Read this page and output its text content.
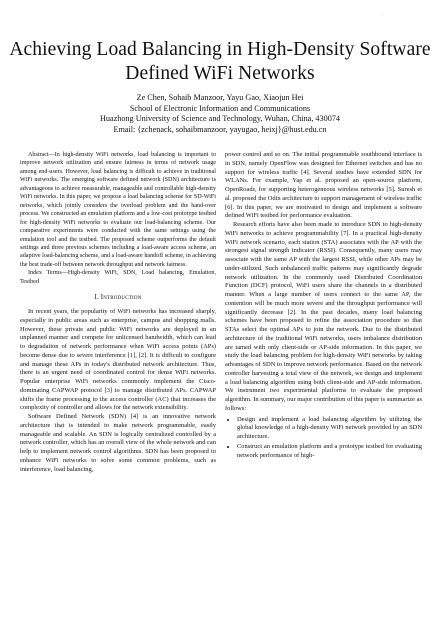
Achieving Load Balancing in High-Density Software
Defined WiFi Networks
Ze Chen, Sohaib Manzoor, Yayu Gao, Xiaojun Hei
School of Electronic Information and Communications
Huazhong University of Science and Technology, Wuhan, China, 430074
Email: {zchenack, sohaibmanzoor, yayugao, heixj}@hust.edu.cn

Abstract—In high-density WiFi networks, load balancing is important to improve network utilization and ensure fairness in terms of network usage among end-users. However, load balancing is difficult to achieve in traditional WiFi networks. The emerging software defined network (SDN) architecture is advantageous to achieve measurable, manageable and controllable high-density WiFi networks. In this paper, we propose a load balancing scheme for SD-WiFi networks, which jointly considers the overload problem and the hand-over process. We constructed an emulation platform and a low-cost prototype testbed for high-density WiFi networks to evaluate our load-balancing scheme. Our comparative experiments were conducted with the same settings using the emulation tool and the testbed. The proposed scheme outperforms the default settings and three previous schemes including a load-aware access scheme, an adaptive load-balancing scheme, and a load-aware handoff scheme, in achieving the best trade-off between network throughput and network fairness.

Index Terms—High-density WiFi, SDN, Load balancing, Emulation, Testbed

I. Introduction

In recent years, the popularity of WiFi networks has increased sharply, especially in public areas such as enterprise, campus and shopping malls. However, these private and public WiFi networks are deployed in an unplanned manner and compete for unlicensed bandwidth, which can lead to degradation of network performance when WiFi access points (APs) become dense due to severe interference [1], [2]. It is difficult to configure and manage these APs in today's distributed network architecture. Thus, there is an urgent need of coordinated control for dense WiFi networks. Popular enterprise WiFi networks commonly implement the Cisco-dominating CAPWAP protocol [3] to manage distributed APs. CAPWAP shifts the frame processing to the access controller (AC) that increases the complexity of controller and allows for the network extensibility.

Software Defined Network (SDN) [4] is an innovative network architecture that is intended to make network programmable, easily manageable and scalable. An SDN is logically centralized controlled by a network controller, which has an overall view of the whole network and can help to implement network control algorithms. SDN has been proposed to enhance WiFi networks to solve some common problems, such as interference, load balancing,

power control and so on. The initial programmable southbound interface is in SDN, namely OpenFlow was designed for Ethernet switches and has no support for wireless traffic [4]. Several studies have extended SDN for WLANs. For example, Yap et al. proposed an open-source platform, OpenRoads, for supporting heterogeneous wireless networks [5]. Suresh et al. proposed the Odin architecture to support management of wireless traffic [6]. In this paper, we are motivated to design and implement a software defined WiFi testbed for performance evaluation.

Research efforts have also been made to introduce SDN to high-density WiFi networks to achieve programmability [7]. In a practical high-density WiFi network scenario, each station (STA) associates with the AP with the strongest signal strength indicator (RSSI). Consequently, many users may associate with the same AP with the largest RSSI, while other APs may be under-utilized. Such unbalanced traffic patterns may significantly degrade network utilization. In the commonly used Distributed Coordination Function (DCF) protocol, WiFi users share the channels in a distributed manner. When a large number of users connect to the same AP, the contention will be much more severe and the throughput performance will significantly decrease [2]. In the past decades, many load balancing schemes have been proposed to refine the association procedure so that STAs select the optimal APs to join the network. Due to the distributed architecture of the traditional WiFi networks, users imbalance distribution are tamed with only client-side or AP-side information. In this paper, we study the load balancing problem for high-density WiFi networks by taking advantages of SDN to improve network performance. Based on the network controller harvesting a total view of the network, we design and implement a load balancing algorithm using both client-side and AP-side information. We instrument two experimental platforms to evaluate the proposed algorithm. In summary, our major contribution of this paper is summarize as follows:

• Design and implement a load balancing algorithm by utilizing the global knowledge of a high-density WiFi network provided by an SDN architecture.
• Construct an emulation platform and a prototype testbed for evaluating network performance of high-
⋯
